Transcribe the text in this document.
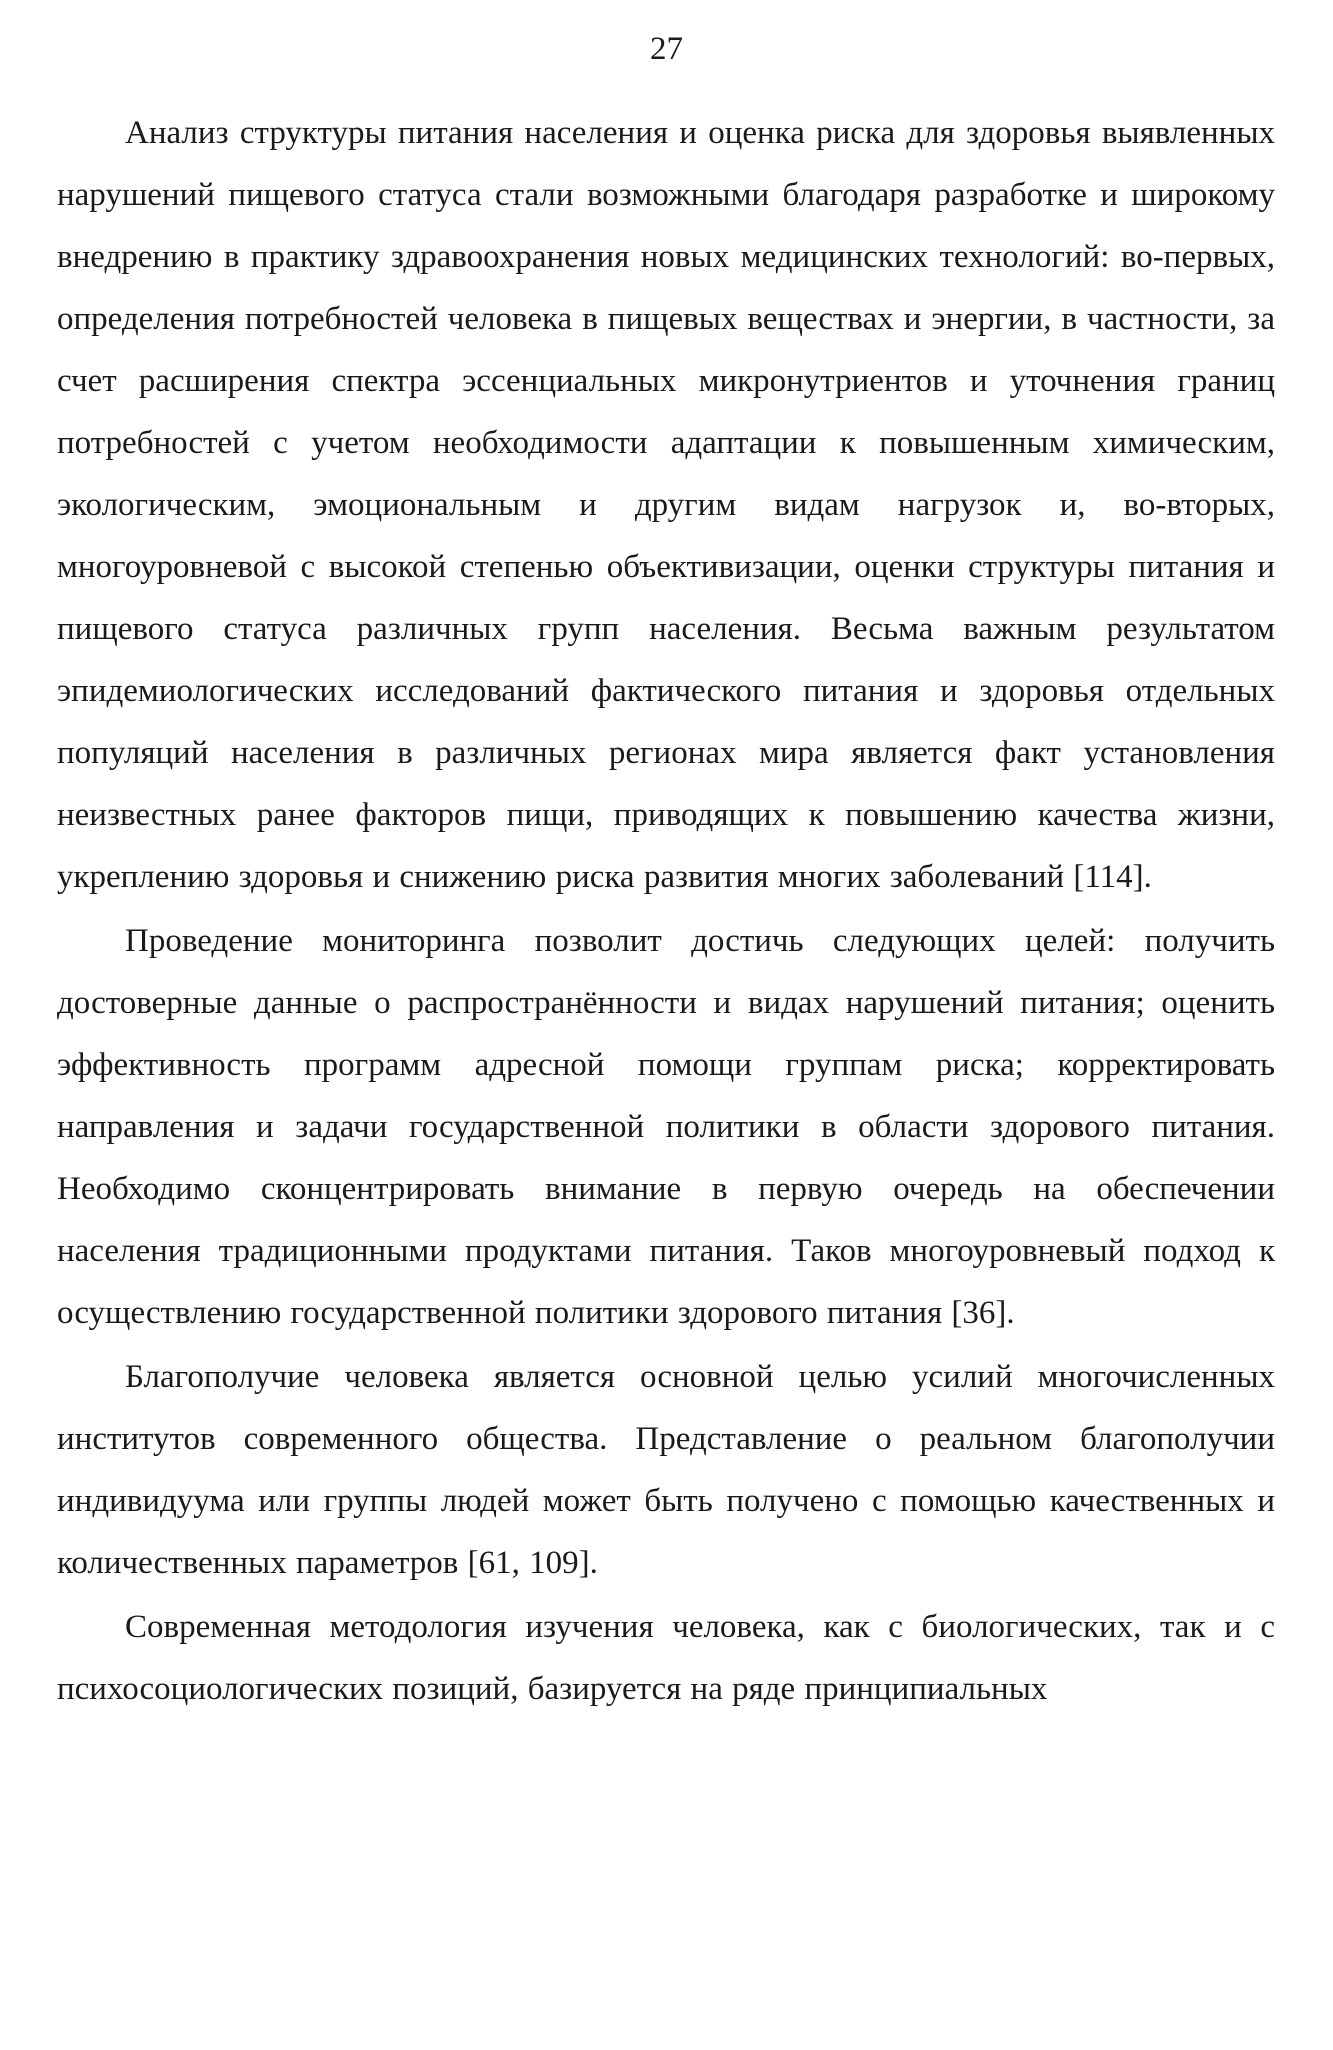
27

Анализ структуры питания населения и оценка риска для здоровья выявленных нарушений пищевого статуса стали возможными благодаря разработке и широкому внедрению в практику здравоохранения новых медицинских технологий: во-первых, определения потребностей человека в пищевых веществах и энергии, в частности, за счет расширения спектра эссенциальных микронутриентов и уточнения границ потребностей с учетом необходимости адаптации к повышенным химическим, экологическим, эмоциональным и другим видам нагрузок и, во-вторых, многоуровневой с высокой степенью объективизации, оценки структуры питания и пищевого статуса различных групп населения. Весьма важным результатом эпидемиологических исследований фактического питания и здоровья отдельных популяций населения в различных регионах мира является факт установления неизвестных ранее факторов пищи, приводящих к повышению качества жизни, укреплению здоровья и снижению риска развития многих заболеваний [114].

Проведение мониторинга позволит достичь следующих целей: получить достоверные данные о распространённости и видах нарушений питания; оценить эффективность программ адресной помощи группам риска; корректировать направления и задачи государственной политики в области здорового питания. Необходимо сконцентрировать внимание в первую очередь на обеспечении населения традиционными продуктами питания. Таков многоуровневый подход к осуществлению государственной политики здорового питания [36].

Благополучие человека является основной целью усилий многочисленных институтов современного общества. Представление о реальном благополучии индивидуума или группы людей может быть получено с помощью качественных и количественных параметров [61, 109].

Современная методология изучения человека, как с биологических, так и с психосоциологических позиций, базируется на ряде принципиальных
